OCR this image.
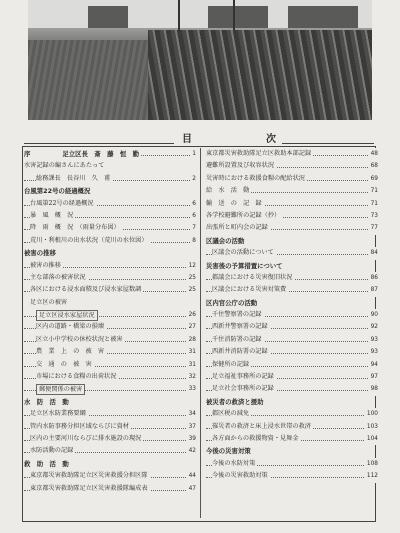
目	次
序　　　　　足立区長　斎　藤　恒　勤	1
水害記録の編さんにあたって
総務課長　長谷川　久　甫	2
台風第22号の経過概況
台風第22号の経過概況	6
暴　風　概　況	6
降　雨　概　況　（雨量分布図）	7
荒川・利根川の出水状況（荒川の水位図）	8
被害の推移
被害の推移	12
主な部落の被害状況	25
各区における浸水面積及び浸水家屋数調	25
足立区の被害
足立区浸水家屋状況	26
区内の道路・橋梁の損壊	27
区立小中学校の休校状況と被害	28
農　業　上　の　被　害	31
交　通　の　被　害	31
市場における食糧の出荷状況	32
郵便関係の被害	33
水　防　活　動
足立区水防業務要綱	34
管内水防事務分担区域ならびに資材	37
区内の主要河川ならびに排水施設の現況	39
水防活動の記録	42
救　助　活　動
東京都災害救助隊足立区災害救援分担区隊	44
東京都災害救助隊足立区災害救援隊編成表	47
東京都災害救助隊足立区救助本部記録	48
避難所設置及び収容状況	68
災害時における救援食糧の配給状況	69
給　水　活　動	71
輸　送　の　記　録	71
各学校避難所の記録（抄）	73
出張所と町内会の記録	77
区議会の活動
区議会の活動について	84
災害後の予算措置について
都議会における災害復旧状況	86
区議会における災害対策費	87
区内官公庁の活動
千住警察署の記録	90
西新井警察署の記録	92
千住消防署の記録	93
西新井消防署の記録	93
保健所の記録	94
足立福祉事務所の記録	97
足立社会事務所の記録	98
被災者の救済と援助
都区税の減免	100
罹災者の救済と床上浸水世帯の救済	103
各方面からの救援物資・見舞金	104
今後の災害対策
今後の水防対策	108
今後の災害救助対策	112
